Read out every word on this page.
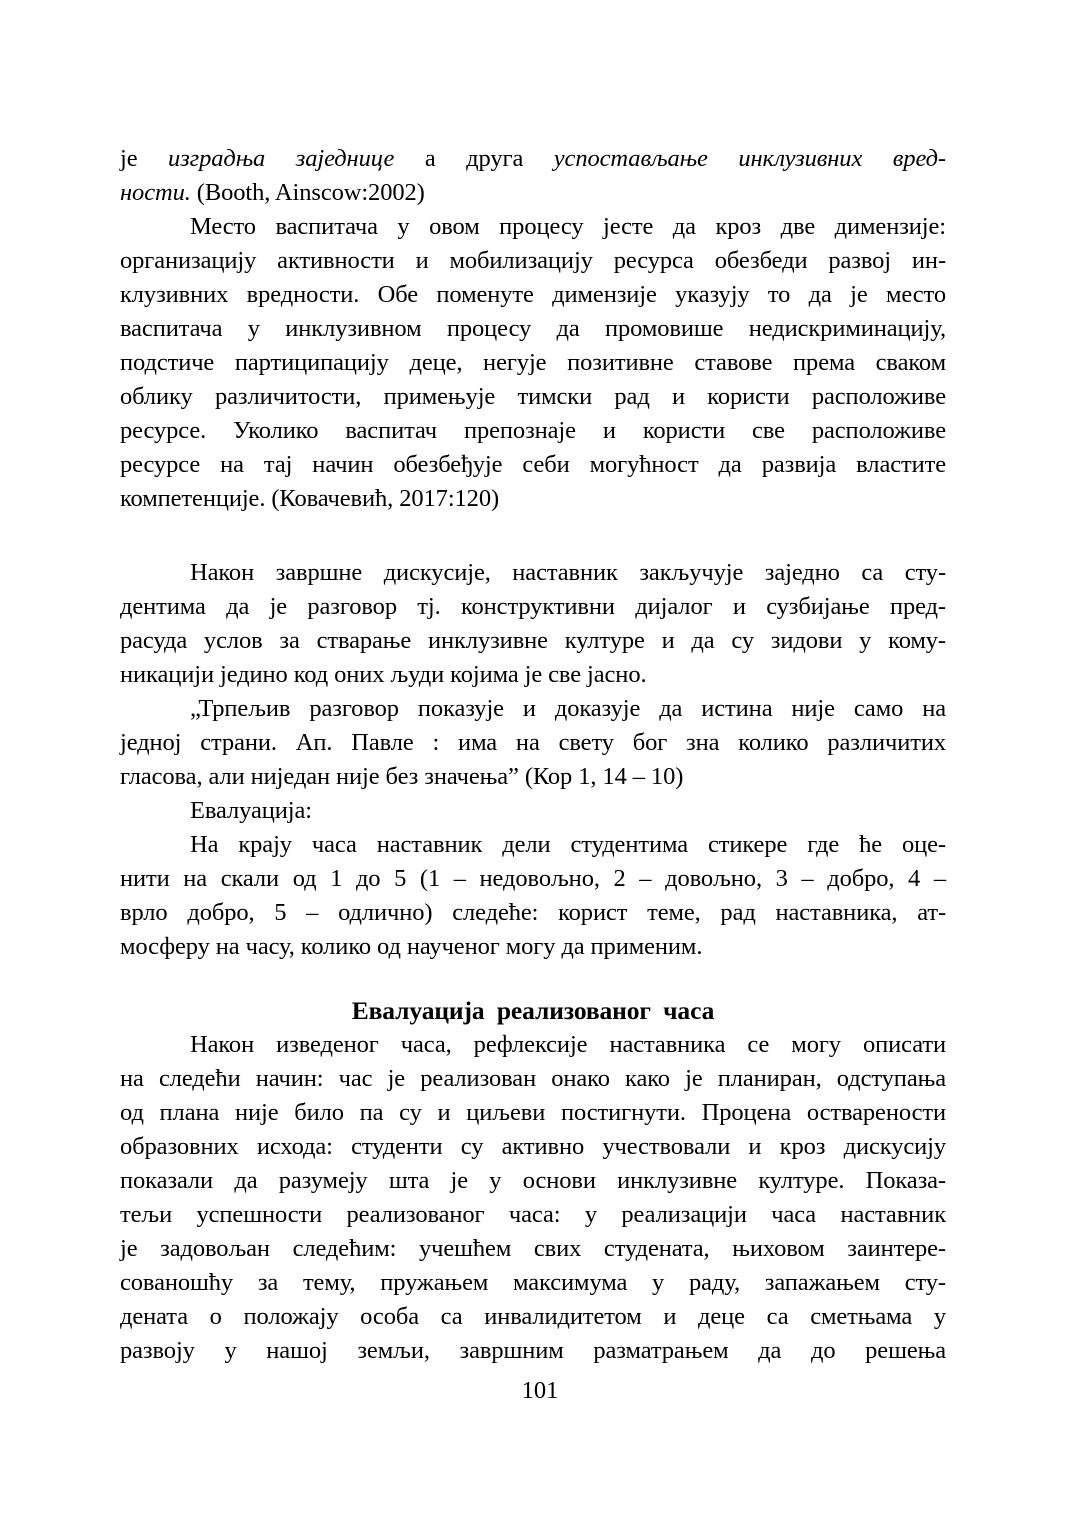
је изградња заједнице а друга успостављање инклузивних вред-
ности. (Booth, Ainscow:2002)
Место васпитача у овом процесу јесте да кроз две димензије:
организацију активности и мобилизацију ресурса обезбеди развој ин-
клузивних вредности. Обе поменуте димензије указују то да је место
васпитача у инклузивном процесу да промовише недискриминацију,
подстиче партиципацију деце, негује позитивне ставове према сваком
облику различитости, примењује тимски рад и користи расположиве
ресурсе. Уколико васпитач препознаје и користи све расположиве
ресурсе на тај начин обезбеђује себи могућност да развија властите
компетенције. (Ковачевић, 2017:120)
Након завршне дискусије, наставник закључује заједно са сту-
дентима да је разговор тј. конструктивни дијалог и сузбијање пред-
расуда услов за стварање инклузивне културе и да су зидови у кому-
никацији једино код оних људи којима је све јасно.
„Трпељив разговор показује и доказује да истина није само на
једној страни. Ап. Павле : има на свету бог зна колико различитих
гласова, али ниједан није без значења” (Кор 1, 14 – 10)
Евалуација:
На крају часа наставник дели студентима стикере где ће оце-
нити на скали од 1 до 5 (1 – недовољно, 2 – довољно, 3 – добро, 4 –
врло добро, 5 – одлично) следеће: корист теме, рад наставника, ат-
мосферу на часу, колико од наученог могу да применим.
Евалуација реализованог часа
Након изведеног часа, рефлексије наставника се могу описати
на следећи начин: час је реализован онако како је планиран, одступања
од плана није било па су и циљеви постигнути. Процена остварености
образовних исхода: студенти су активно учествовали и кроз дискусију
показали да разумеју шта је у основи инклузивне културе. Показа-
тељи успешности реализованог часа: у реализацији часа наставник
је задовољан следећим: учешћем свих студената, њиховом заинтере-
сованошћу за тему, пружањем максимума у раду, запажањем сту-
дената о положају особа са инвалидитетом и деце са сметњама у
развоју у нашој земљи, завршним разматрањем да до решења
101
